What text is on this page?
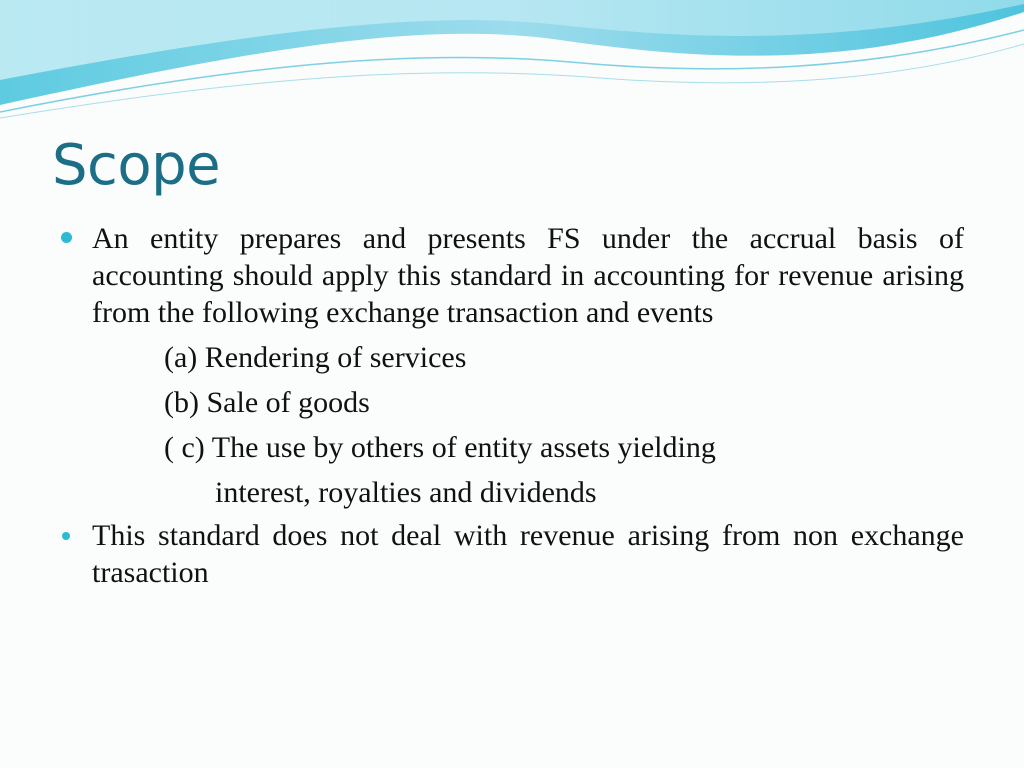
Scope
An entity prepares and presents FS under the accrual basis of accounting should apply this standard in accounting for revenue arising from the following exchange transaction and events
(a) Rendering of services
(b) Sale of goods
( c) The use by others of entity assets yielding
interest, royalties and dividends
This standard does not deal with revenue arising from non exchange trasaction
